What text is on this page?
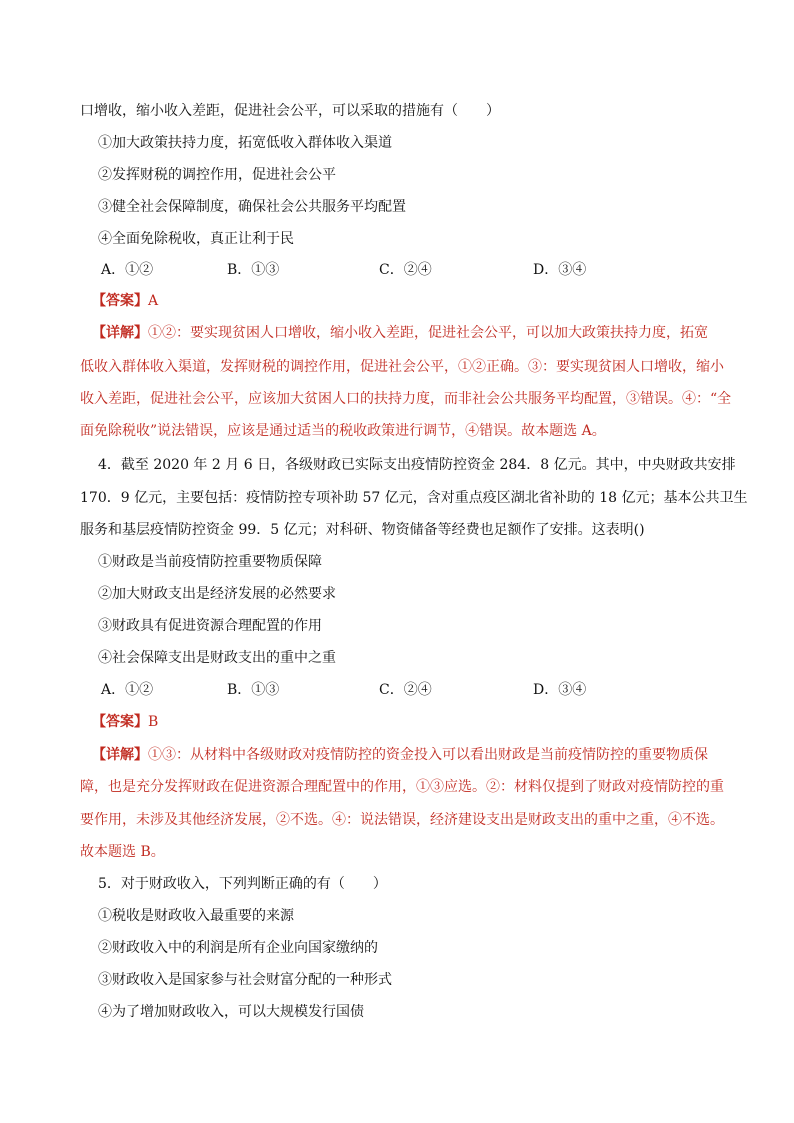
口增收，缩小收入差距，促进社会公平，可以采取的措施有（　　）
①加大政策扶持力度，拓宽低收入群体收入渠道
②发挥财税的调控作用，促进社会公平
③健全社会保障制度，确保社会公共服务平均配置
④全面免除税收，真正让利于民
A．①②	B．①③	C．②④	D．③④
【答案】A
【详解】①②：要实现贫困人口增收，缩小收入差距，促进社会公平，可以加大政策扶持力度，拓宽
低收入群体收入渠道，发挥财税的调控作用，促进社会公平，①②正确。③：要实现贫困人口增收，缩小
收入差距，促进社会公平，应该加大贫困人口的扶持力度，而非社会公共服务平均配置，③错误。④：“全
面免除税收”说法错误，应该是通过适当的税收政策进行调节，④错误。故本题选 A。
4．截至 2020 年 2 月 6 日，各级财政已实际支出疫情防控资金 284．8 亿元。其中，中央财政共安排
170．9 亿元，主要包括：疫情防控专项补助 57 亿元，含对重点疫区湖北省补助的 18 亿元；基本公共卫生
服务和基层疫情防控资金 99．5 亿元；对科研、物资储备等经费也足额作了安排。这表明()
①财政是当前疫情防控重要物质保障
②加大财政支出是经济发展的必然要求
③财政具有促进资源合理配置的作用
④社会保障支出是财政支出的重中之重
A．①②	B．①③	C．②④	D．③④
【答案】B
【详解】①③：从材料中各级财政对疫情防控的资金投入可以看出财政是当前疫情防控的重要物质保
障，也是充分发挥财政在促进资源合理配置中的作用，①③应选。②：材料仅提到了财政对疫情防控的重
要作用，未涉及其他经济发展，②不选。④：说法错误，经济建设支出是财政支出的重中之重，④不选。
故本题选 B。
5．对于财政收入，下列判断正确的有（　　）
①税收是财政收入最重要的来源
②财政收入中的利润是所有企业向国家缴纳的
③财政收入是国家参与社会财富分配的一种形式
④为了增加财政收入，可以大规模发行国债
